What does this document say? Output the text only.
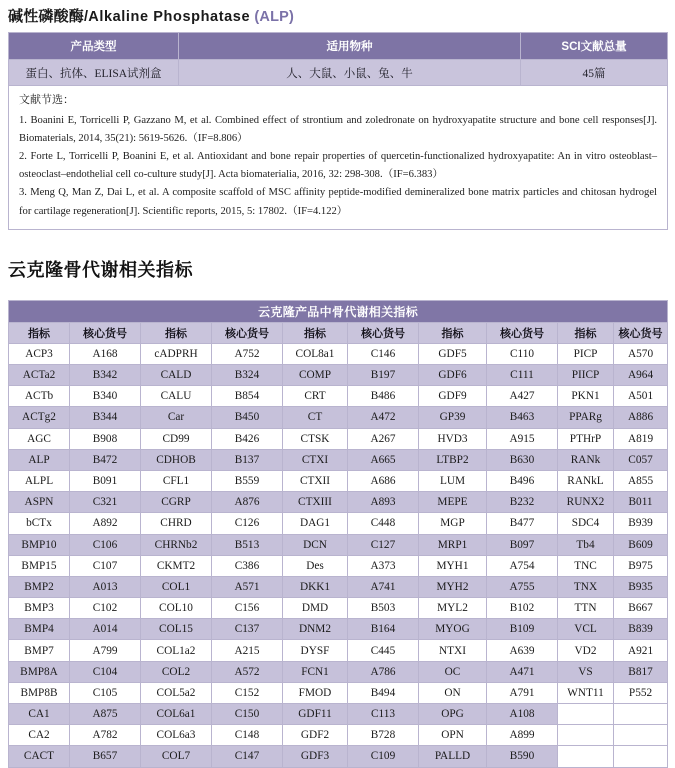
碱性磷酸酶/Alkaline Phosphatase (ALP)
产品类型	适用物种	SCI文献总量
蛋白、抗体、ELISA试剂盒	人、大鼠、小鼠、兔、牛	45篇

文献节选：
1. Boanini E, Torricelli P, Gazzano M, et al. Combined effect of strontium and zoledronate on hydroxyapatite structure and bone cell responses[J]. Biomaterials, 2014, 35(21): 5619-5626.（IF=8.806）
2. Forte L, Torricelli P, Boanini E, et al. Antioxidant and bone repair properties of quercetin-functionalized hydroxyapatite: An in vitro osteoblast–osteoclast–endothelial cell co-culture study[J]. Acta biomaterialia, 2016, 32: 298-308.（IF=6.383）
3. Meng Q, Man Z, Dai L, et al. A composite scaffold of MSC affinity peptide-modified demineralized bone matrix particles and chitosan hydrogel for cartilage regeneration[J]. Scientific reports, 2015, 5: 17802.（IF=4.122）		
云克隆骨代谢相关指标
云克隆产品中骨代谢相关指标									
指标	核心货号	指标	核心货号	指标	核心货号	指标	核心货号	指标	核心货号
ACP3	A168	cADPRH	A752	COL8a1	C146	GDF5	C110	PICP	A570
ACTa2	B342	CALD	B324	COMP	B197	GDF6	C111	PIICP	A964
ACTb	B340	CALU	B854	CRT	B486	GDF9	A427	PKN1	A501
ACTg2	B344	Car	B450	CT	A472	GP39	B463	PPARg	A886
AGC	B908	CD99	B426	CTSK	A267	HVD3	A915	PTHrP	A819
ALP	B472	CDHOB	B137	CTXI	A665	LTBP2	B630	RANk	C057
ALPL	B091	CFL1	B559	CTXII	A686	LUM	B496	RANkL	A855
ASPN	C321	CGRP	A876	CTXIII	A893	MEPE	B232	RUNX2	B011
bCTx	A892	CHRD	C126	DAG1	C448	MGP	B477	SDC4	B939
BMP10	C106	CHRNb2	B513	DCN	C127	MRP1	B097	Tb4	B609
BMP15	C107	CKMT2	C386	Des	A373	MYH1	A754	TNC	B975
BMP2	A013	COL1	A571	DKK1	A741	MYH2	A755	TNX	B935
BMP3	C102	COL10	C156	DMD	B503	MYL2	B102	TTN	B667
BMP4	A014	COL15	C137	DNM2	B164	MYOG	B109	VCL	B839
BMP7	A799	COL1a2	A215	DYSF	C445	NTXI	A639	VD2	A921
BMP8A	C104	COL2	A572	FCN1	A786	OC	A471	VS	B817
BMP8B	C105	COL5a2	C152	FMOD	B494	ON	A791	WNT11	P552
CA1	A875	COL6a1	C150	GDF11	C113	OPG	A108		
CA2	A782	COL6a3	C148	GDF2	B728	OPN	A899		
CACT	B657	COL7	C147	GDF3	C109	PALLD	B590		
